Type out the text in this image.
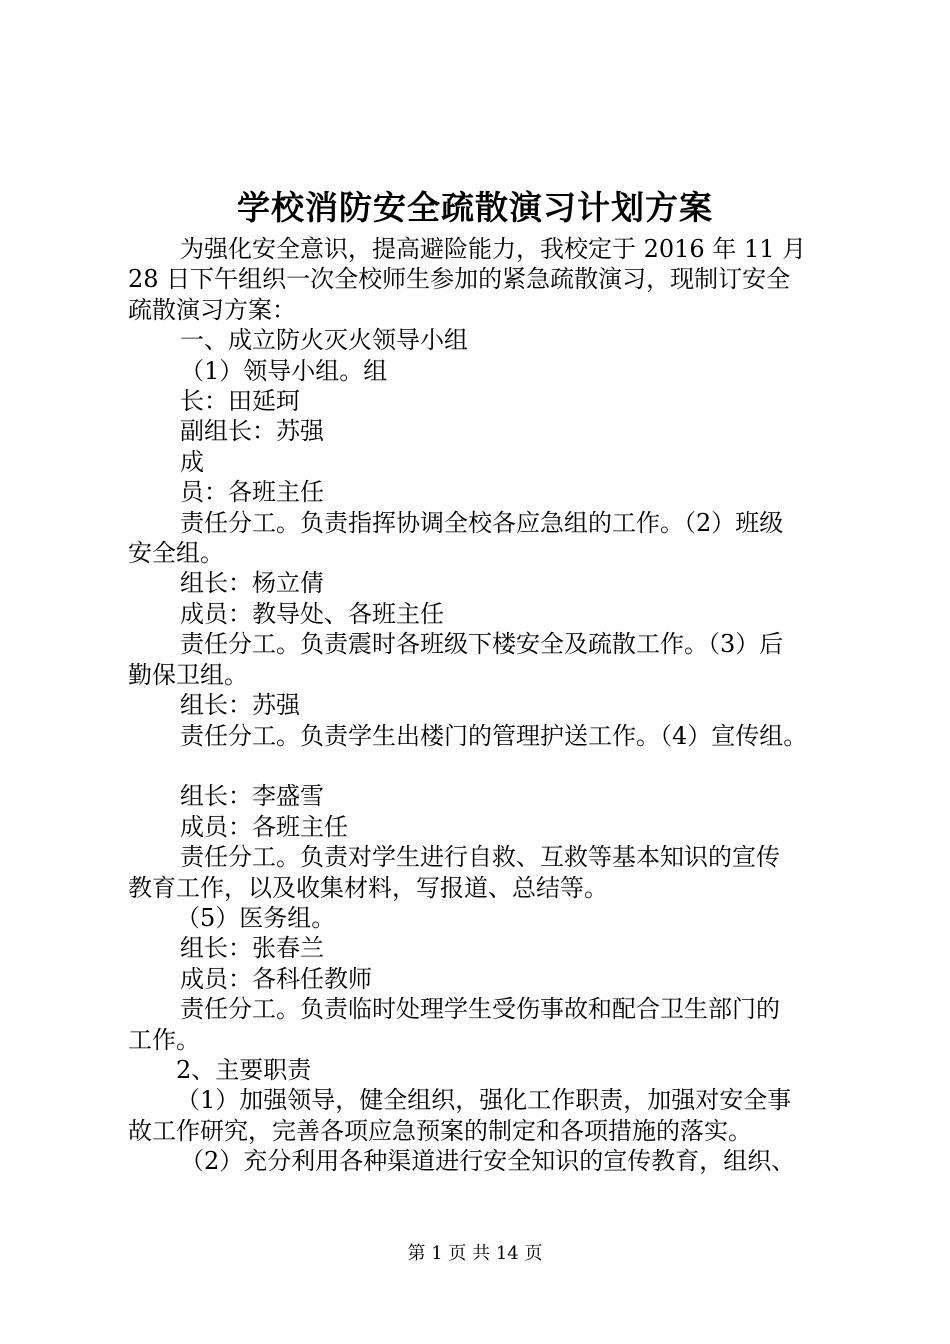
学校消防安全疏散演习计划方案

为强化安全意识，提高避险能力，我校定于 2016 年 11 月

28 日下午组织一次全校师生参加的紧急疏散演习，现制订安全

疏散演习方案：

一、成立防火灭火领导小组

（1）领导小组。组

长：田延珂

副组长：苏强

成

员：各班主任

责任分工。负责指挥协调全校各应急组的工作。（2）班级

安全组。

组长：杨立倩

成员：教导处、各班主任

责任分工。负责震时各班级下楼安全及疏散工作。（3）后

勤保卫组。

组长：苏强

责任分工。负责学生出楼门的管理护送工作。（4）宣传组。

组长：李盛雪

成员：各班主任

责任分工。负责对学生进行自救、互救等基本知识的宣传

教育工作，以及收集材料，写报道、总结等。

（5）医务组。

组长：张春兰

成员：各科任教师

责任分工。负责临时处理学生受伤事故和配合卫生部门的

工作。

2、主要职责

（1）加强领导，健全组织，强化工作职责，加强对安全事

故工作研究，完善各项应急预案的制定和各项措施的落实。

（2）充分利用各种渠道进行安全知识的宣传教育，组织、

第 1 页 共 14 页
